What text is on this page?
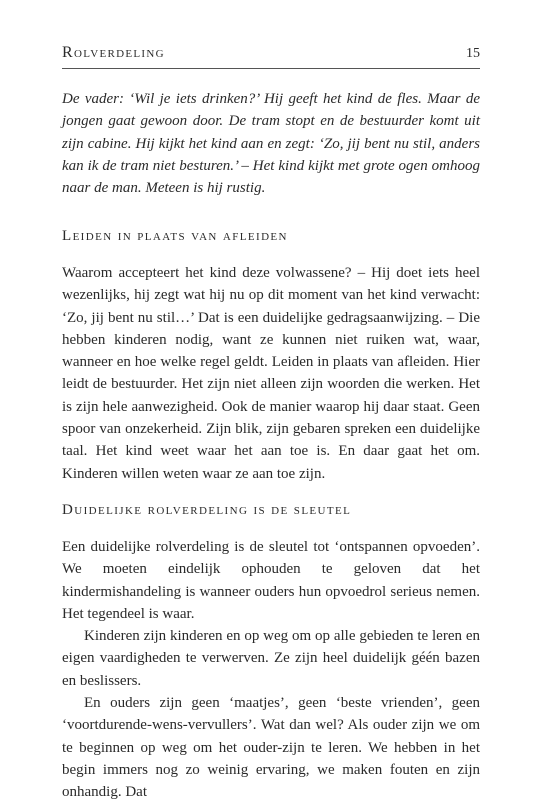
Rolverdeling	15

De vader: ‘Wil je iets drinken?’ Hij geeft het kind de fles. Maar de jongen gaat gewoon door. De tram stopt en de bestuurder komt uit zijn cabine. Hij kijkt het kind aan en zegt: ‘Zo, jij bent nu stil, anders kan ik de tram niet besturen.’ – Het kind kijkt met grote ogen omhoog naar de man. Meteen is hij rustig.

Leiden in plaats van afleiden

Waarom accepteert het kind deze volwassene? – Hij doet iets heel wezenlijks, hij zegt wat hij nu op dit moment van het kind verwacht: ‘Zo, jij bent nu stil…’ Dat is een duidelijke gedragsaanwijzing. – Die hebben kinderen nodig, want ze kunnen niet ruiken wat, waar, wanneer en hoe welke regel geldt. Leiden in plaats van afleiden. Hier leidt de bestuurder. Het zijn niet alleen zijn woorden die werken. Het is zijn hele aanwezigheid. Ook de manier waarop hij daar staat. Geen spoor van onzekerheid. Zijn blik, zijn gebaren spreken een duidelijke taal. Het kind weet waar het aan toe is. En daar gaat het om. Kinderen willen weten waar ze aan toe zijn.

Duidelijke rolverdeling is de sleutel

Een duidelijke rolverdeling is de sleutel tot ‘ontspannen opvoeden’. We moeten eindelijk ophouden te geloven dat het kindermishandeling is wanneer ouders hun opvoedrol serieus nemen. Het tegendeel is waar.

Kinderen zijn kinderen en op weg om op alle gebieden te leren en eigen vaardigheden te verwerven. Ze zijn heel duidelijk géén bazen en beslissers.

En ouders zijn geen ‘maatjes’, geen ‘beste vrienden’, geen ‘voortdurende-wens-vervullers’. Wat dan wel? Als ouder zijn we om te beginnen op weg om het ouder-zijn te leren. We hebben in het begin immers nog zo weinig ervaring, we maken fouten en zijn onhandig. Dat
